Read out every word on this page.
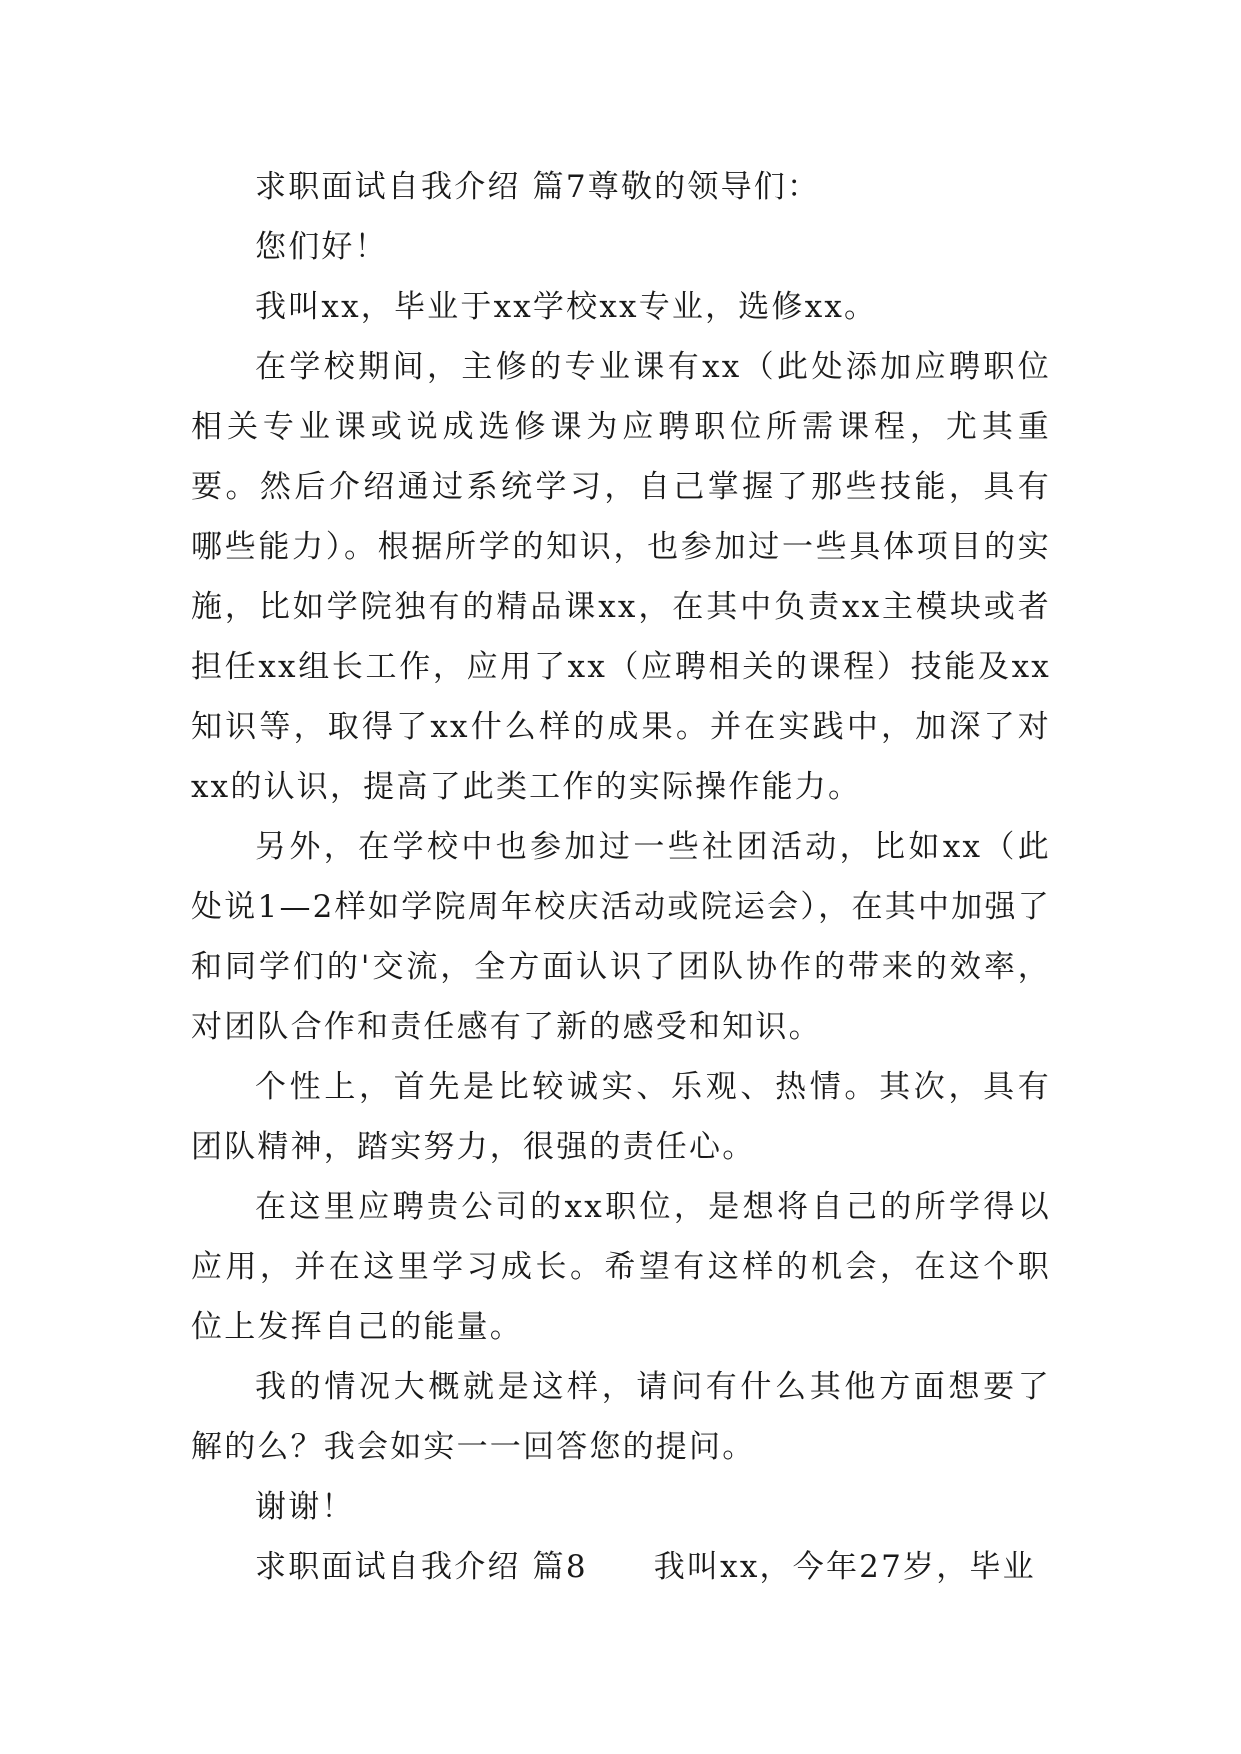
求职面试自我介绍 篇7尊敬的领导们：

您们好！

我叫xx，毕业于xx学校xx专业，选修xx。

在学校期间，主修的专业课有xx（此处添加应聘职位相关专业课或说成选修课为应聘职位所需课程，尤其重要。然后介绍通过系统学习，自己掌握了那些技能，具有哪些能力）。根据所学的知识，也参加过一些具体项目的实施，比如学院独有的精品课xx，在其中负责xx主模块或者担任xx组长工作，应用了xx（应聘相关的课程）技能及xx知识等，取得了xx什么样的成果。并在实践中，加深了对xx的认识，提高了此类工作的实际操作能力。

另外，在学校中也参加过一些社团活动，比如xx（此处说1—2样如学院周年校庆活动或院运会），在其中加强了和同学们的'交流，全方面认识了团队协作的带来的效率，对团队合作和责任感有了新的感受和知识。

个性上，首先是比较诚实、乐观、热情。其次，具有团队精神，踏实努力，很强的责任心。

在这里应聘贵公司的xx职位，是想将自己的所学得以应用，并在这里学习成长。希望有这样的机会，在这个职位上发挥自己的能量。

我的情况大概就是这样，请问有什么其他方面想要了解的么？我会如实一一回答您的提问。

谢谢！

求职面试自我介绍 篇8 我叫xx，今年27岁，毕业
